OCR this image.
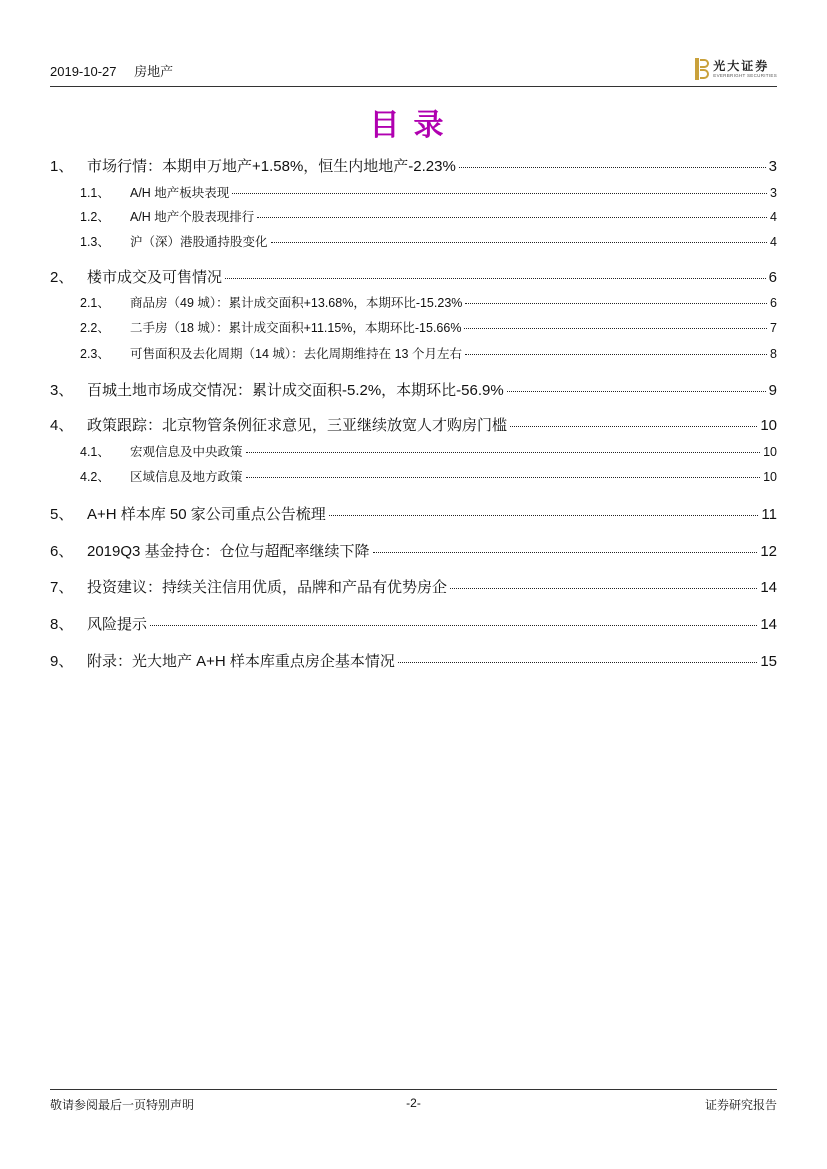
2019-10-27 房地产	光大证券
EVERBRIGHT SECURITIES
目录
1、 市场行情：本期申万地产+1.58%，恒生内地地产-2.23%	3
1.1、	A/H 地产板块表现	3
1.2、	A/H 地产个股表现排行	4
1.3、	沪（深）港股通持股变化	4
2、 楼市成交及可售情况	6
2.1、	商品房（49 城）：累计成交面积+13.68%，本期环比-15.23%	6
2.2、	二手房（18 城）：累计成交面积+11.15%，本期环比-15.66%	7
2.3、	可售面积及去化周期（14 城）：去化周期维持在 13 个月左右	8
3、 百城土地市场成交情况：累计成交面积-5.2%，本期环比-56.9%	9
4、 政策跟踪：北京物管条例征求意见，三亚继续放宽人才购房门槛	10
4.1、	宏观信息及中央政策	10
4.2、	区域信息及地方政策	10
5、 A+H 样本库 50 家公司重点公告梳理	11
6、 2019Q3 基金持仓：仓位与超配率继续下降	12
7、 投资建议：持续关注信用优质，品牌和产品有优势房企	14
8、 风险提示	14
9、 附录：光大地产 A+H 样本库重点房企基本情况	15
敬请参阅最后一页特别声明	-2-	证券研究报告
